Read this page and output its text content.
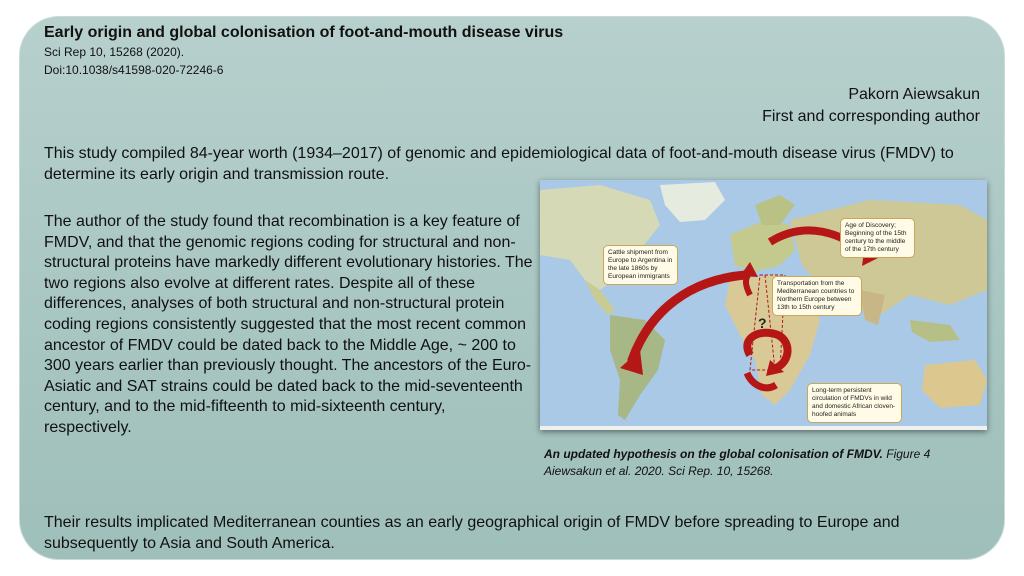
Early origin and global colonisation of foot-and-mouth disease virus
Sci Rep 10, 15268 (2020).
Doi:10.1038/s41598-020-72246-6
Pakorn Aiewsakun
First and corresponding author
This study compiled 84-year worth (1934–2017) of genomic and epidemiological data of foot-and-mouth disease virus (FMDV) to determine its early origin and transmission route.
The author of the study found that recombination is a key feature of FMDV, and that the genomic regions coding for structural and non-structural proteins have markedly different evolutionary histories. The two regions also evolve at different rates. Despite all of these differences, analyses of both structural and non-structural protein coding regions consistently suggested that the most recent common ancestor of FMDV could be dated back to the Middle Age, ~ 200 to 300 years earlier than previously thought. The ancestors of the Euro-Asiatic and SAT strains could be dated back to the mid-seventeenth century, and to the mid-fifteenth to mid-sixteenth century, respectively.
Cattle shipment from Europe to Argentina in the late 1860s by European immigrants
Age of Discovery; Beginning of the 15th century to the middle of the 17th century
Transportation from the Mediterranean countries to Northern Europe between 13th to 15th century
Long-term persistent circulation of FMDVs in wild and domestic African cloven-hoofed animals
?
An updated hypothesis on the global colonisation of FMDV. Figure 4 Aiewsakun et al. 2020. Sci Rep. 10, 15268.
Their results implicated Mediterranean counties as an early geographical origin of FMDV before spreading to Europe and subsequently to Asia and South America.
